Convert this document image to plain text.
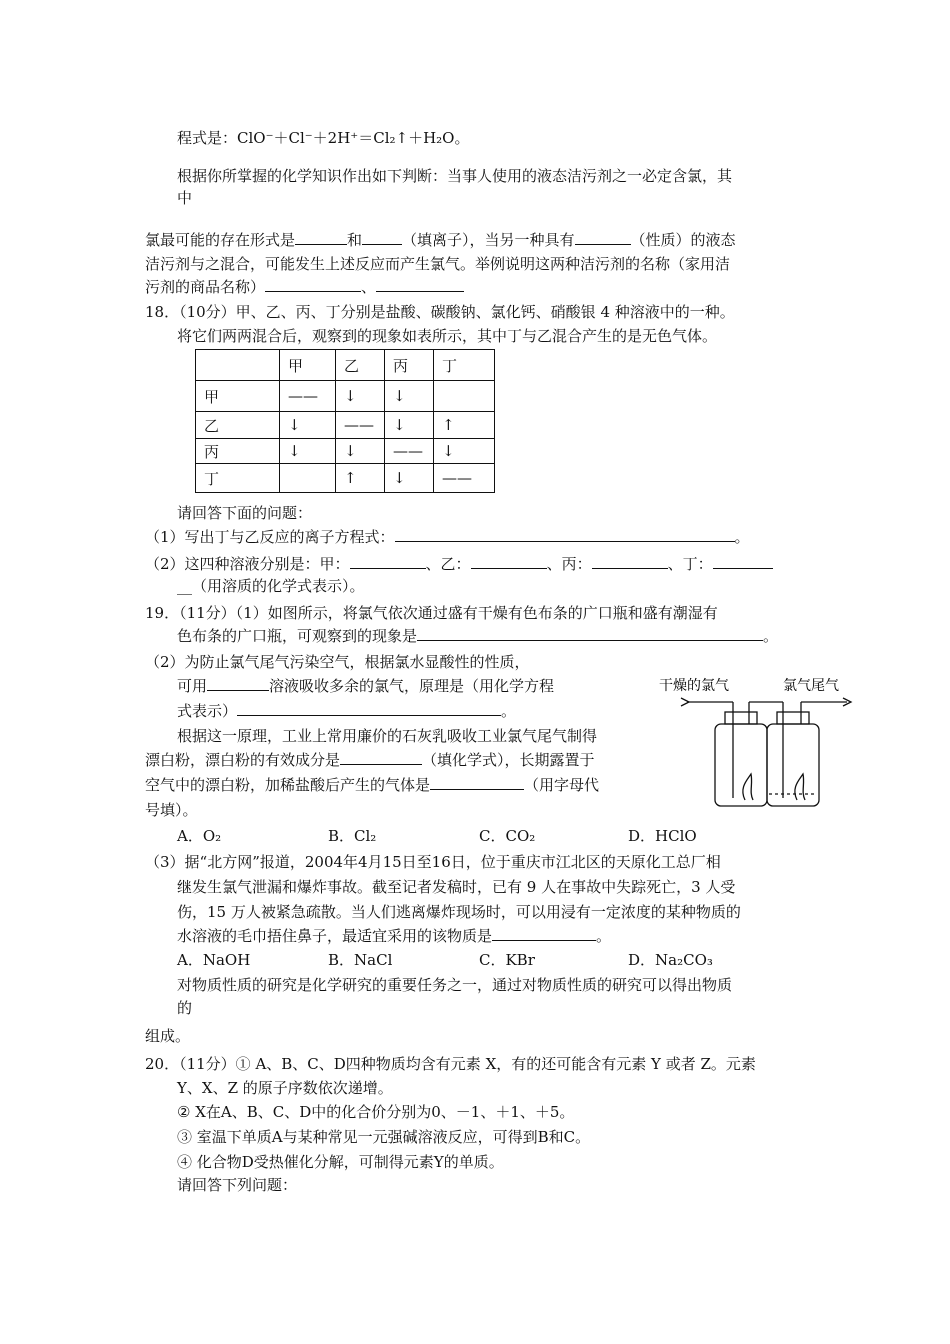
程式是：ClO⁻＋Cl⁻＋2H⁺＝Cl₂↑＋H₂O。
根据你所掌握的化学知识作出如下判断：当事人使用的液态洁污剂之一必定含氯，其
中
氯最可能的存在形式是	和	（填离子），当另一种具有	（性质）的液态
洁污剂与之混合，可能发生上述反应而产生氯气。举例说明这两种洁污剂的名称（家用洁
污剂的商品名称）	、
18．（10分）甲、乙、丙、丁分别是盐酸、碳酸钠、氯化钙、硝酸银 4 种溶液中的一种。
将它们两两混合后，观察到的现象如表所示，其中丁与乙混合产生的是无色气体。
	甲	乙	丙	丁
甲	——	↓	↓	
乙	↓	——	↓	↑
丙	↓	↓	——	↓
丁		↑	↓	——
请回答下面的问题：
（1）写出丁与乙反应的离子方程式：	。
（2）这四种溶液分别是：甲：	、乙：	、丙：	、丁：
__（用溶质的化学式表示）。
19．（11分）（1）如图所示，将氯气依次通过盛有干燥有色布条的广口瓶和盛有潮湿有
色布条的广口瓶，可观察到的现象是	。
（2）为防止氯气尾气污染空气，根据氯水显酸性的性质，
可用	溶液吸收多余的氯气，原理是（用化学方程
式表示）	。
根据这一原理，工业上常用廉价的石灰乳吸收工业氯气尾气制得
漂白粉，漂白粉的有效成分是	（填化学式），长期露置于
空气中的漂白粉，加稀盐酸后产生的气体是	（用字母代
号填）。
A．O₂	B．Cl₂	C．CO₂	D．HClO
（3）据“北方网”报道，2004年4月15日至16日，位于重庆市江北区的天原化工总厂相
继发生氯气泄漏和爆炸事故。截至记者发稿时，已有 9 人在事故中失踪死亡，3 人受
伤，15 万人被紧急疏散。当人们逃离爆炸现场时，可以用浸有一定浓度的某种物质的
水溶液的毛巾捂住鼻子，最适宜采用的该物质是	。
A．NaOH	B．NaCl	C．KBr	D．Na₂CO₃
干燥的氯气	氯气尾气
对物质性质的研究是化学研究的重要任务之一，通过对物质性质的研究可以得出物质
的
组成。
20．（11分）① A、B、C、D四种物质均含有元素 X，有的还可能含有元素 Y 或者 Z。元素
Y、X、Z 的原子序数依次递增。
② X在A、B、C、D中的化合价分别为0、－1、＋1、＋5。
③ 室温下单质A与某种常见一元强碱溶液反应，可得到B和C。
④ 化合物D受热催化分解，可制得元素Y的单质。
请回答下列问题：
